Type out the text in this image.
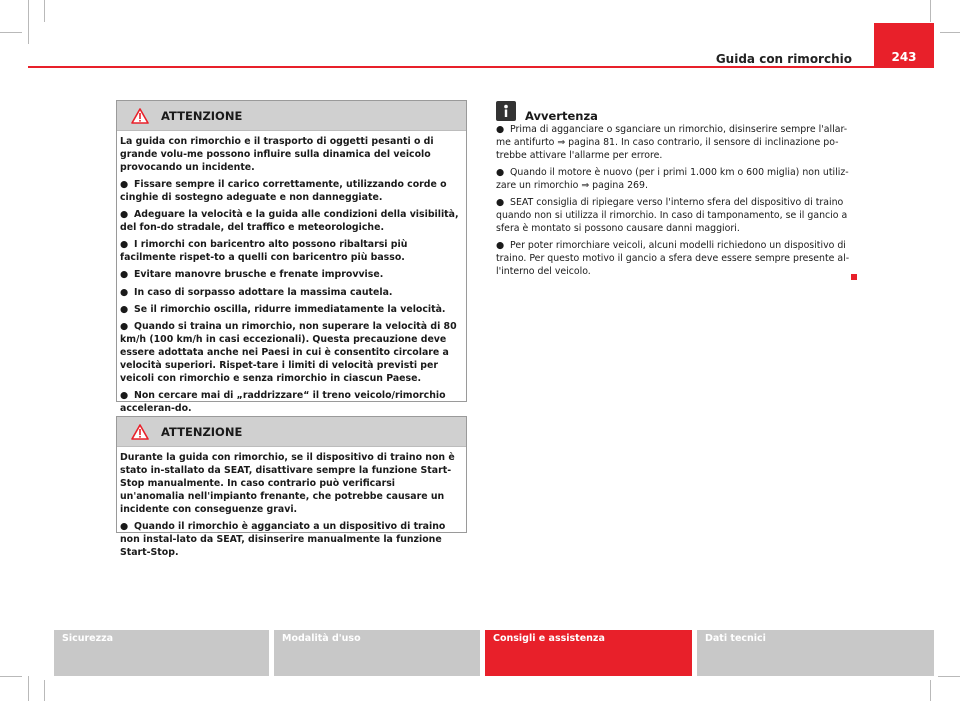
Guida con rimorchio	243
ATTENZIONE

La guida con rimorchio e il trasporto di oggetti pesanti o di grande volu-me possono influire sulla dinamica del veicolo provocando un incidente.

● Fissare sempre il carico correttamente, utilizzando corde o cinghie di sostegno adeguate e non danneggiate.

● Adeguare la velocità e la guida alle condizioni della visibilità, del fon-do stradale, del traffico e meteorologiche.

● I rimorchi con baricentro alto possono ribaltarsi più facilmente rispet-to a quelli con baricentro più basso.

● Evitare manovre brusche e frenate improvvise.

● In caso di sorpasso adottare la massima cautela.

● Se il rimorchio oscilla, ridurre immediatamente la velocità.

● Quando si traina un rimorchio, non superare la velocità di 80 km/h (100 km/h in casi eccezionali). Questa precauzione deve essere adottata anche nei Paesi in cui è consentito circolare a velocità superiori. Rispet-tare i limiti di velocità previsti per veicoli con rimorchio e senza rimorchio in ciascun Paese.

● Non cercare mai di „raddrizzare“ il treno veicolo/rimorchio acceleran-do.

ATTENZIONE

Durante la guida con rimorchio, se il dispositivo di traino non è stato in-stallato da SEAT, disattivare sempre la funzione Start-Stop manualmente. In caso contrario può verificarsi un'anomalia nell'impianto frenante, che potrebbe causare un incidente con conseguenze gravi.

● Quando il rimorchio è agganciato a un dispositivo di traino non instal-lato da SEAT, disinserire manualmente la funzione Start-Stop.

Avvertenza

● Prima di agganciare o sganciare un rimorchio, disinserire sempre l'allar-me antifurto ⇒ pagina 81. In caso contrario, il sensore di inclinazione po-trebbe attivare l'allarme per errore.

● Quando il motore è nuovo (per i primi 1.000 km o 600 miglia) non utiliz-zare un rimorchio ⇒ pagina 269.

● SEAT consiglia di ripiegare verso l'interno sfera del dispositivo di traino quando non si utilizza il rimorchio. In caso di tamponamento, se il gancio a sfera è montato si possono causare danni maggiori.

● Per poter rimorchiare veicoli, alcuni modelli richiedono un dispositivo di traino. Per questo motivo il gancio a sfera deve essere sempre presente al-l'interno del veicolo.

Sicurezza	Modalità d'uso	Consigli e assistenza	Dati tecnici
